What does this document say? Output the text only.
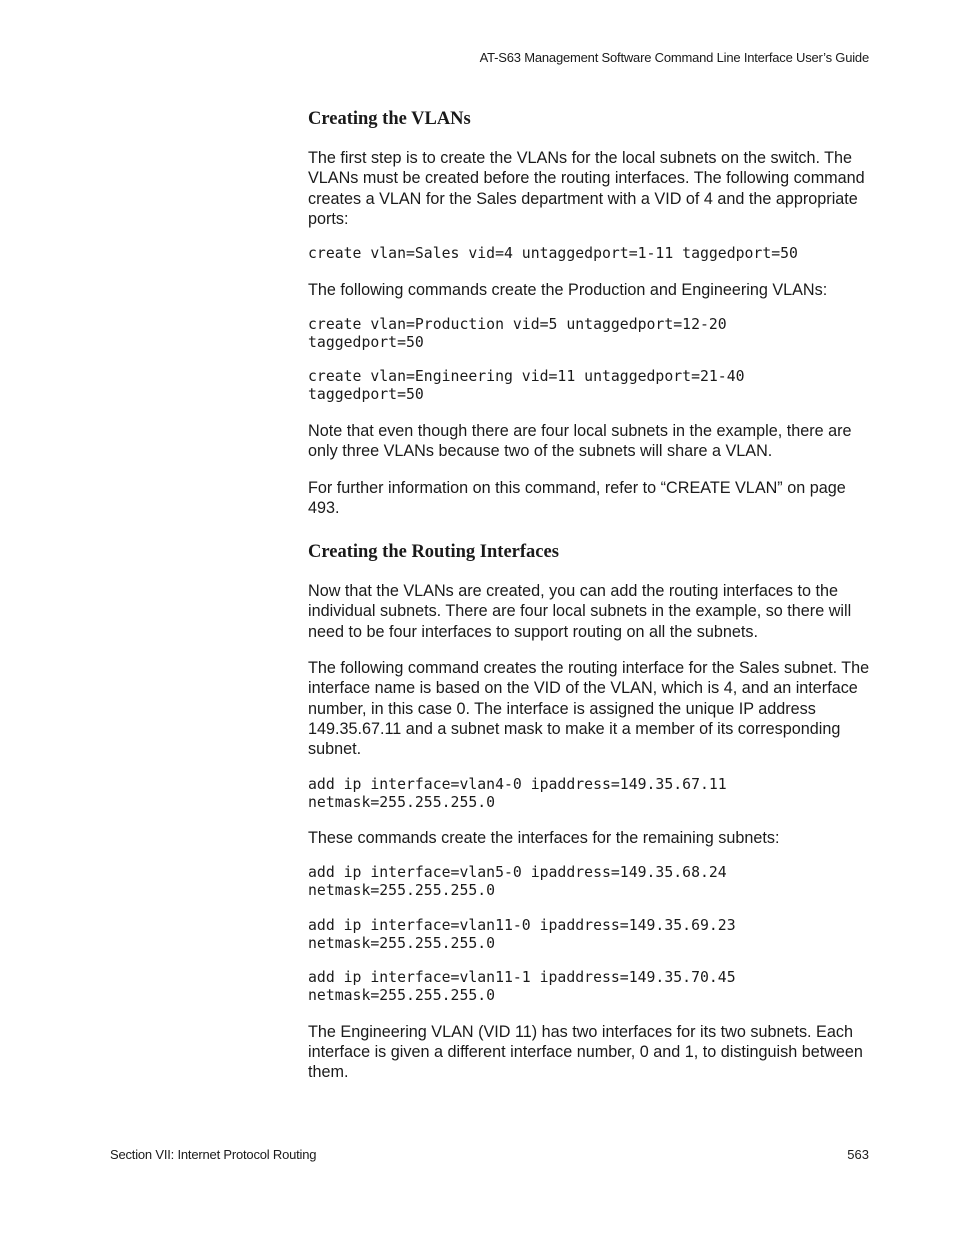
AT-S63 Management Software Command Line Interface User’s Guide
Creating the VLANs

The first step is to create the VLANs for the local subnets on the switch. The VLANs must be created before the routing interfaces. The following command creates a VLAN for the Sales department with a VID of 4 and the appropriate ports:

create vlan=Sales vid=4 untaggedport=1-11 taggedport=50

The following commands create the Production and Engineering VLANs:

create vlan=Production vid=5 untaggedport=12-20
taggedport=50
create vlan=Engineering vid=11 untaggedport=21-40
taggedport=50

Note that even though there are four local subnets in the example, there are only three VLANs because two of the subnets will share a VLAN.

For further information on this command, refer to “CREATE VLAN” on page 493.

Creating the Routing Interfaces

Now that the VLANs are created, you can add the routing interfaces to the individual subnets. There are four local subnets in the example, so there will need to be four interfaces to support routing on all the subnets.

The following command creates the routing interface for the Sales subnet. The interface name is based on the VID of the VLAN, which is 4, and an interface number, in this case 0. The interface is assigned the unique IP address 149.35.67.11 and a subnet mask to make it a member of its corresponding subnet.

add ip interface=vlan4-0 ipaddress=149.35.67.11
netmask=255.255.255.0

These commands create the interfaces for the remaining subnets:

add ip interface=vlan5-0 ipaddress=149.35.68.24
netmask=255.255.255.0
add ip interface=vlan11-0 ipaddress=149.35.69.23
netmask=255.255.255.0
add ip interface=vlan11-1 ipaddress=149.35.70.45
netmask=255.255.255.0

The Engineering VLAN (VID 11) has two interfaces for its two subnets. Each interface is given a different interface number, 0 and 1, to distinguish between them.

Section VII: Internet Protocol Routing	563
